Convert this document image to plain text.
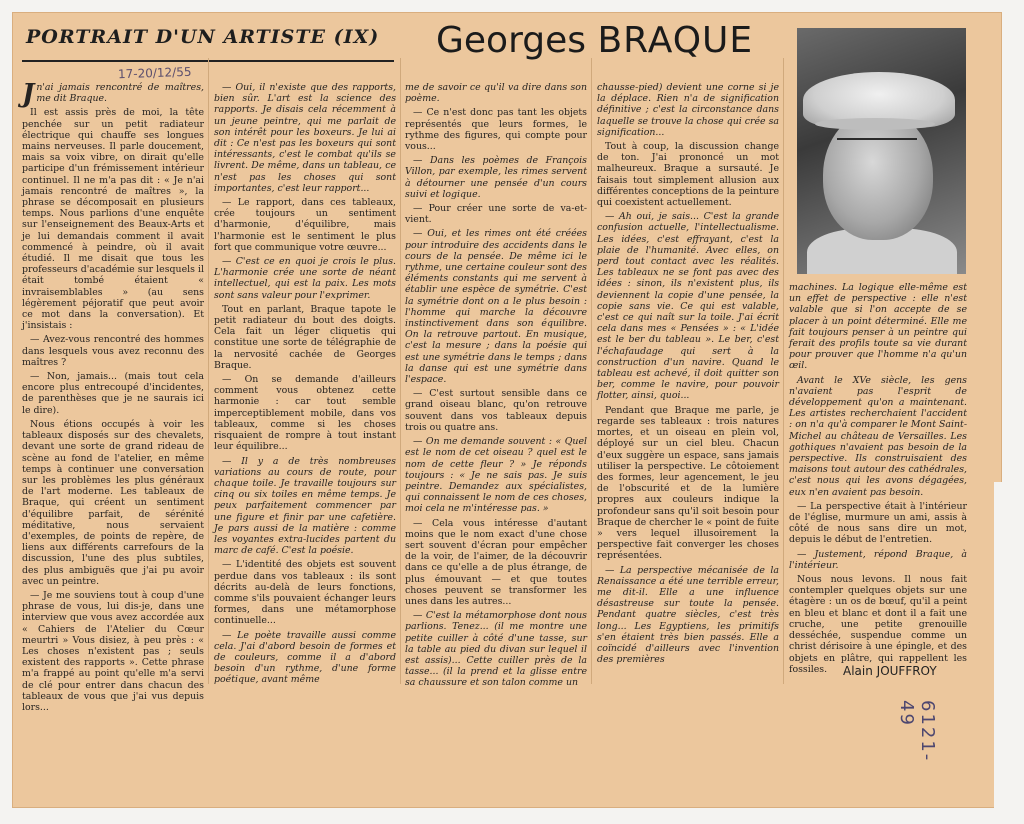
PORTRAIT D'UN ARTISTE (IX) Georges BRAQUE
17-20/12/55

Jn'ai jamais rencontré de maîtres, me dit Braque.

Il est assis près de moi, la tête penchée sur un petit radiateur électrique qui chauffe ses longues mains nerveuses. Il parle doucement, mais sa voix vibre, on dirait qu'elle participe d'un frémissement intérieur continuel. Il ne m'a pas dit : « Je n'ai jamais rencontré de maîtres », la phrase se décomposait en plusieurs temps. Nous parlions d'une enquête sur l'enseignement des Beaux-Arts et je lui demandais comment il avait commencé à peindre, où il avait étudié. Il me disait que tous les professeurs d'académie sur lesquels il était tombé étaient « invraisemblables » (au sens légèrement péjoratif que peut avoir ce mot dans la conversation). Et j'insistais :

— Avez-vous rencontré des hommes dans lesquels vous avez reconnu des maîtres ?

— Non, jamais... (mais tout cela encore plus entrecoupé d'incidentes, de parenthèses que je ne saurais ici le dire).

Nous étions occupés à voir les tableaux disposés sur des chevalets, devant une sorte de grand rideau de scène au fond de l'atelier, en même temps à continuer une conversation sur les problèmes les plus généraux de l'art moderne. Les tableaux de Braque, qui créent un sentiment d'équilibre parfait, de sérénité méditative, nous servaient d'exemples, de points de repère, de liens aux différents carrefours de la discussion, l'une des plus subtiles, des plus ambiguës que j'ai pu avoir avec un peintre.

— Je me souviens tout à coup d'une phrase de vous, lui dis-je, dans une interview que vous avez accordée aux « Cahiers de l'Atelier du Cœur meurtri » Vous disiez, à peu près : « Les choses n'existent pas ; seuls existent des rapports ». Cette phrase m'a frappé au point qu'elle m'a servi de clé pour entrer dans chacun des tableaux de vous que j'ai vus depuis lors...

— Oui, il n'existe que des rapports, bien sûr. L'art est la science des rapports. Je disais cela récemment à un jeune peintre, qui me parlait de son intérêt pour les boxeurs. Je lui ai dit : Ce n'est pas les boxeurs qui sont intéressants, c'est le combat qu'ils se livrent. De même, dans un tableau, ce n'est pas les choses qui sont importantes, c'est leur rapport...

— Le rapport, dans ces tableaux, crée toujours un sentiment d'harmonie, d'équilibre, mais l'harmonie est le sentiment le plus fort que communique votre œuvre...

— C'est ce en quoi je crois le plus. L'harmonie crée une sorte de néant intellectuel, qui est la paix. Les mots sont sans valeur pour l'exprimer.

Tout en parlant, Braque tapote le petit radiateur du bout des doigts. Cela fait un léger cliquetis qui constitue une sorte de télégraphie de la nervosité cachée de Georges Braque.

— On se demande d'ailleurs comment vous obtenez cette harmonie : car tout semble imperceptiblement mobile, dans vos tableaux, comme si les choses risquaient de rompre à tout instant leur équilibre...

— Il y a de très nombreuses variations au cours de route, pour chaque toile. Je travaille toujours sur cinq ou six toiles en même temps. Je peux parfaitement commencer par une figure et finir par une cafetière. Je pars aussi de la matière : comme les voyantes extra-lucides partent du marc de café. C'est la poésie.

— L'identité des objets est souvent perdue dans vos tableaux : ils sont décrits au-delà de leurs fonctions, comme s'ils pouvaient échanger leurs formes, dans une métamorphose continuelle...

— Le poète travaille aussi comme cela. J'ai d'abord besoin de formes et de couleurs, comme il a d'abord besoin d'un rythme, d'une forme poétique, avant même

me de savoir ce qu'il va dire dans son poème.

— Ce n'est donc pas tant les objets représentés que leurs formes, le rythme des figures, qui compte pour vous...

— Dans les poèmes de François Villon, par exemple, les rimes servent à détourner une pensée d'un cours suivi et logique.

— Pour créer une sorte de va-et-vient.

— Oui, et les rimes ont été créées pour introduire des accidents dans le cours de la pensée. De même ici le rythme, une certaine couleur sont des éléments constants qui me servent à établir une espèce de symétrie. C'est la symétrie dont on a le plus besoin : l'homme qui marche la découvre instinctivement dans son équilibre. On la retrouve partout. En musique, c'est la mesure ; dans la poésie qui est une symétrie dans le temps ; dans la danse qui est une symétrie dans l'espace.

— C'est surtout sensible dans ce grand oiseau blanc, qu'on retrouve souvent dans vos tableaux depuis trois ou quatre ans.

— On me demande souvent : « Quel est le nom de cet oiseau ? quel est le nom de cette fleur ? » Je réponds toujours : « Je ne sais pas. Je suis peintre. Demandez aux spécialistes, qui connaissent le nom de ces choses, moi cela ne m'intéresse pas. »

— Cela vous intéresse d'autant moins que le nom exact d'une chose sert souvent d'écran pour empêcher de la voir, de l'aimer, de la découvrir dans ce qu'elle a de plus étrange, de plus émouvant — et que toutes choses peuvent se transformer les unes dans les autres...

— C'est la métamorphose dont nous parlions. Tenez... (il me montre une petite cuiller à côté d'une tasse, sur la table au pied du divan sur lequel il est assis)... Cette cuiller près de la tasse... (il la prend et la glisse entre sa chaussure et son talon comme un

chausse-pied) devient une corne si je la déplace. Rien n'a de signification définitive ; c'est la circonstance dans laquelle se trouve la chose qui crée sa signification...

Tout à coup, la discussion change de ton. J'ai prononcé un mot malheureux. Braque a sursauté. Je faisais tout simplement allusion aux différentes conceptions de la peinture qui coexistent actuellement.

— Ah oui, je sais... C'est la grande confusion actuelle, l'intellectualisme. Les idées, c'est effrayant, c'est la plaie de l'humanité. Avec elles, on perd tout contact avec les réalités. Les tableaux ne se font pas avec des idées : sinon, ils n'existent plus, ils deviennent la copie d'une pensée, la copie sans vie. Ce qui est valable, c'est ce qui naît sur la toile. J'ai écrit cela dans mes « Pensées » : « L'idée est le ber du tableau ». Le ber, c'est l'échafaudage qui sert à la construction d'un navire. Quand le tableau est achevé, il doit quitter son ber, comme le navire, pour pouvoir flotter, ainsi, quoi...

Pendant que Braque me parle, je regarde ses tableaux : trois natures mortes, et un oiseau en plein vol, déployé sur un ciel bleu. Chacun d'eux suggère un espace, sans jamais utiliser la perspective. Le côtoiement des formes, leur agencement, le jeu de l'obscurité et de la lumière propres aux couleurs indique la profondeur sans qu'il soit besoin pour Braque de chercher le « point de fuite » vers lequel illusoirement la perspective fait converger les choses représentées.

— La perspective mécanisée de la Renaissance a été une terrible erreur, me dit-il. Elle a une influence désastreuse sur toute la pensée. Pendant quatre siècles, c'est très long... Les Egyptiens, les primitifs s'en étaient très bien passés. Elle a coïncidé d'ailleurs avec l'invention des premières

machines. La logique elle-même est un effet de perspective : elle n'est valable que si l'on accepte de se placer à un point déterminé. Elle me fait toujours penser à un peintre qui ferait des profils toute sa vie durant pour prouver que l'homme n'a qu'un œil.

Avant le XVe siècle, les gens n'avaient pas l'esprit de développement qu'on a maintenant. Les artistes recherchaient l'accident : on n'a qu'à comparer le Mont Saint-Michel au château de Versailles. Les gothiques n'avaient pas besoin de la perspective. Ils construisaient des maisons tout autour des cathédrales, c'est nous qui les avons dégagées, eux n'en avaient pas besoin.

— La perspective était à l'intérieur de l'église, murmure un ami, assis à côté de nous sans dire un mot, depuis le début de l'entretien.

— Justement, répond Braque, à l'intérieur.

Nous nous levons. Il nous fait contempler quelques objets sur une étagère : un os de bœuf, qu'il a peint en bleu et blanc et dont il a fait une cruche, une petite grenouille desséchée, suspendue comme un christ dérisoire à une épingle, et des objets en plâtre, qui rappellent les fossiles.	Alain JOUFFROY
6121-49
